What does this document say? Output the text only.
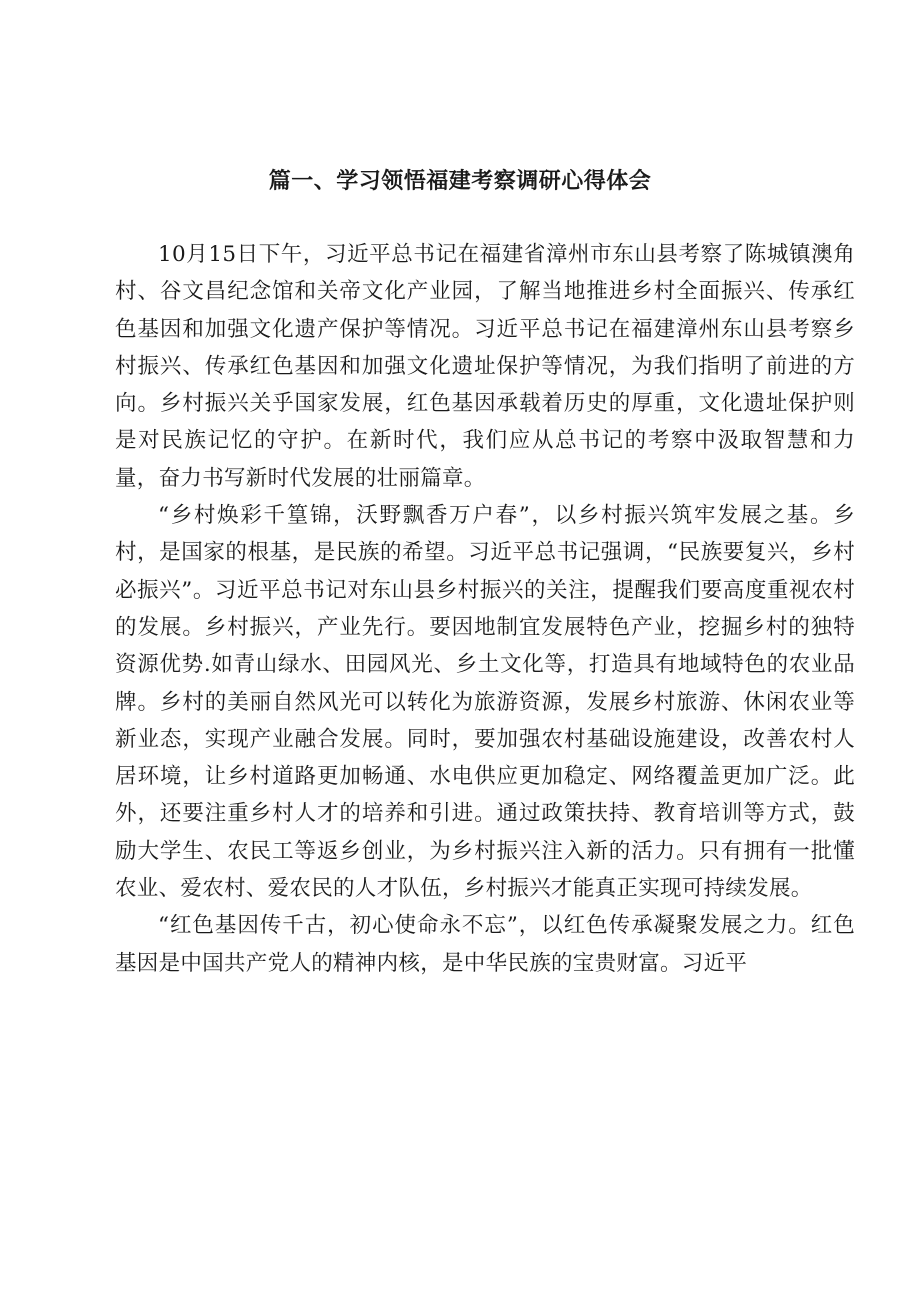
篇一、学习领悟福建考察调研心得体会

10月15日下午，习近平总书记在福建省漳州市东山县考察了陈城镇澳角村、谷文昌纪念馆和关帝文化产业园，了解当地推进乡村全面振兴、传承红色基因和加强文化遗产保护等情况。习近平总书记在福建漳州东山县考察乡村振兴、传承红色基因和加强文化遗址保护等情况，为我们指明了前进的方向。乡村振兴关乎国家发展，红色基因承载着历史的厚重，文化遗址保护则是对民族记忆的守护。在新时代，我们应从总书记的考察中汲取智慧和力量，奋力书写新时代发展的壮丽篇章。

“乡村焕彩千篁锦，沃野飘香万户春”，以乡村振兴筑牢发展之基。乡村，是国家的根基，是民族的希望。习近平总书记强调，“民族要复兴，乡村必振兴”。习近平总书记对东山县乡村振兴的关注，提醒我们要高度重视农村的发展。乡村振兴，产业先行。要因地制宜发展特色产业，挖掘乡村的独特资源优势.如青山绿水、田园风光、乡土文化等，打造具有地域特色的农业品牌。乡村的美丽自然风光可以转化为旅游资源，发展乡村旅游、休闲农业等新业态，实现产业融合发展。同时，要加强农村基础设施建设，改善农村人居环境，让乡村道路更加畅通、水电供应更加稳定、网络覆盖更加广泛。此外，还要注重乡村人才的培养和引进。通过政策扶持、教育培训等方式，鼓励大学生、农民工等返乡创业，为乡村振兴注入新的活力。只有拥有一批懂农业、爱农村、爱农民的人才队伍，乡村振兴才能真正实现可持续发展。

“红色基因传千古，初心使命永不忘”，以红色传承凝聚发展之力。红色基因是中国共产党人的精神内核，是中华民族的宝贵财富。习近平
